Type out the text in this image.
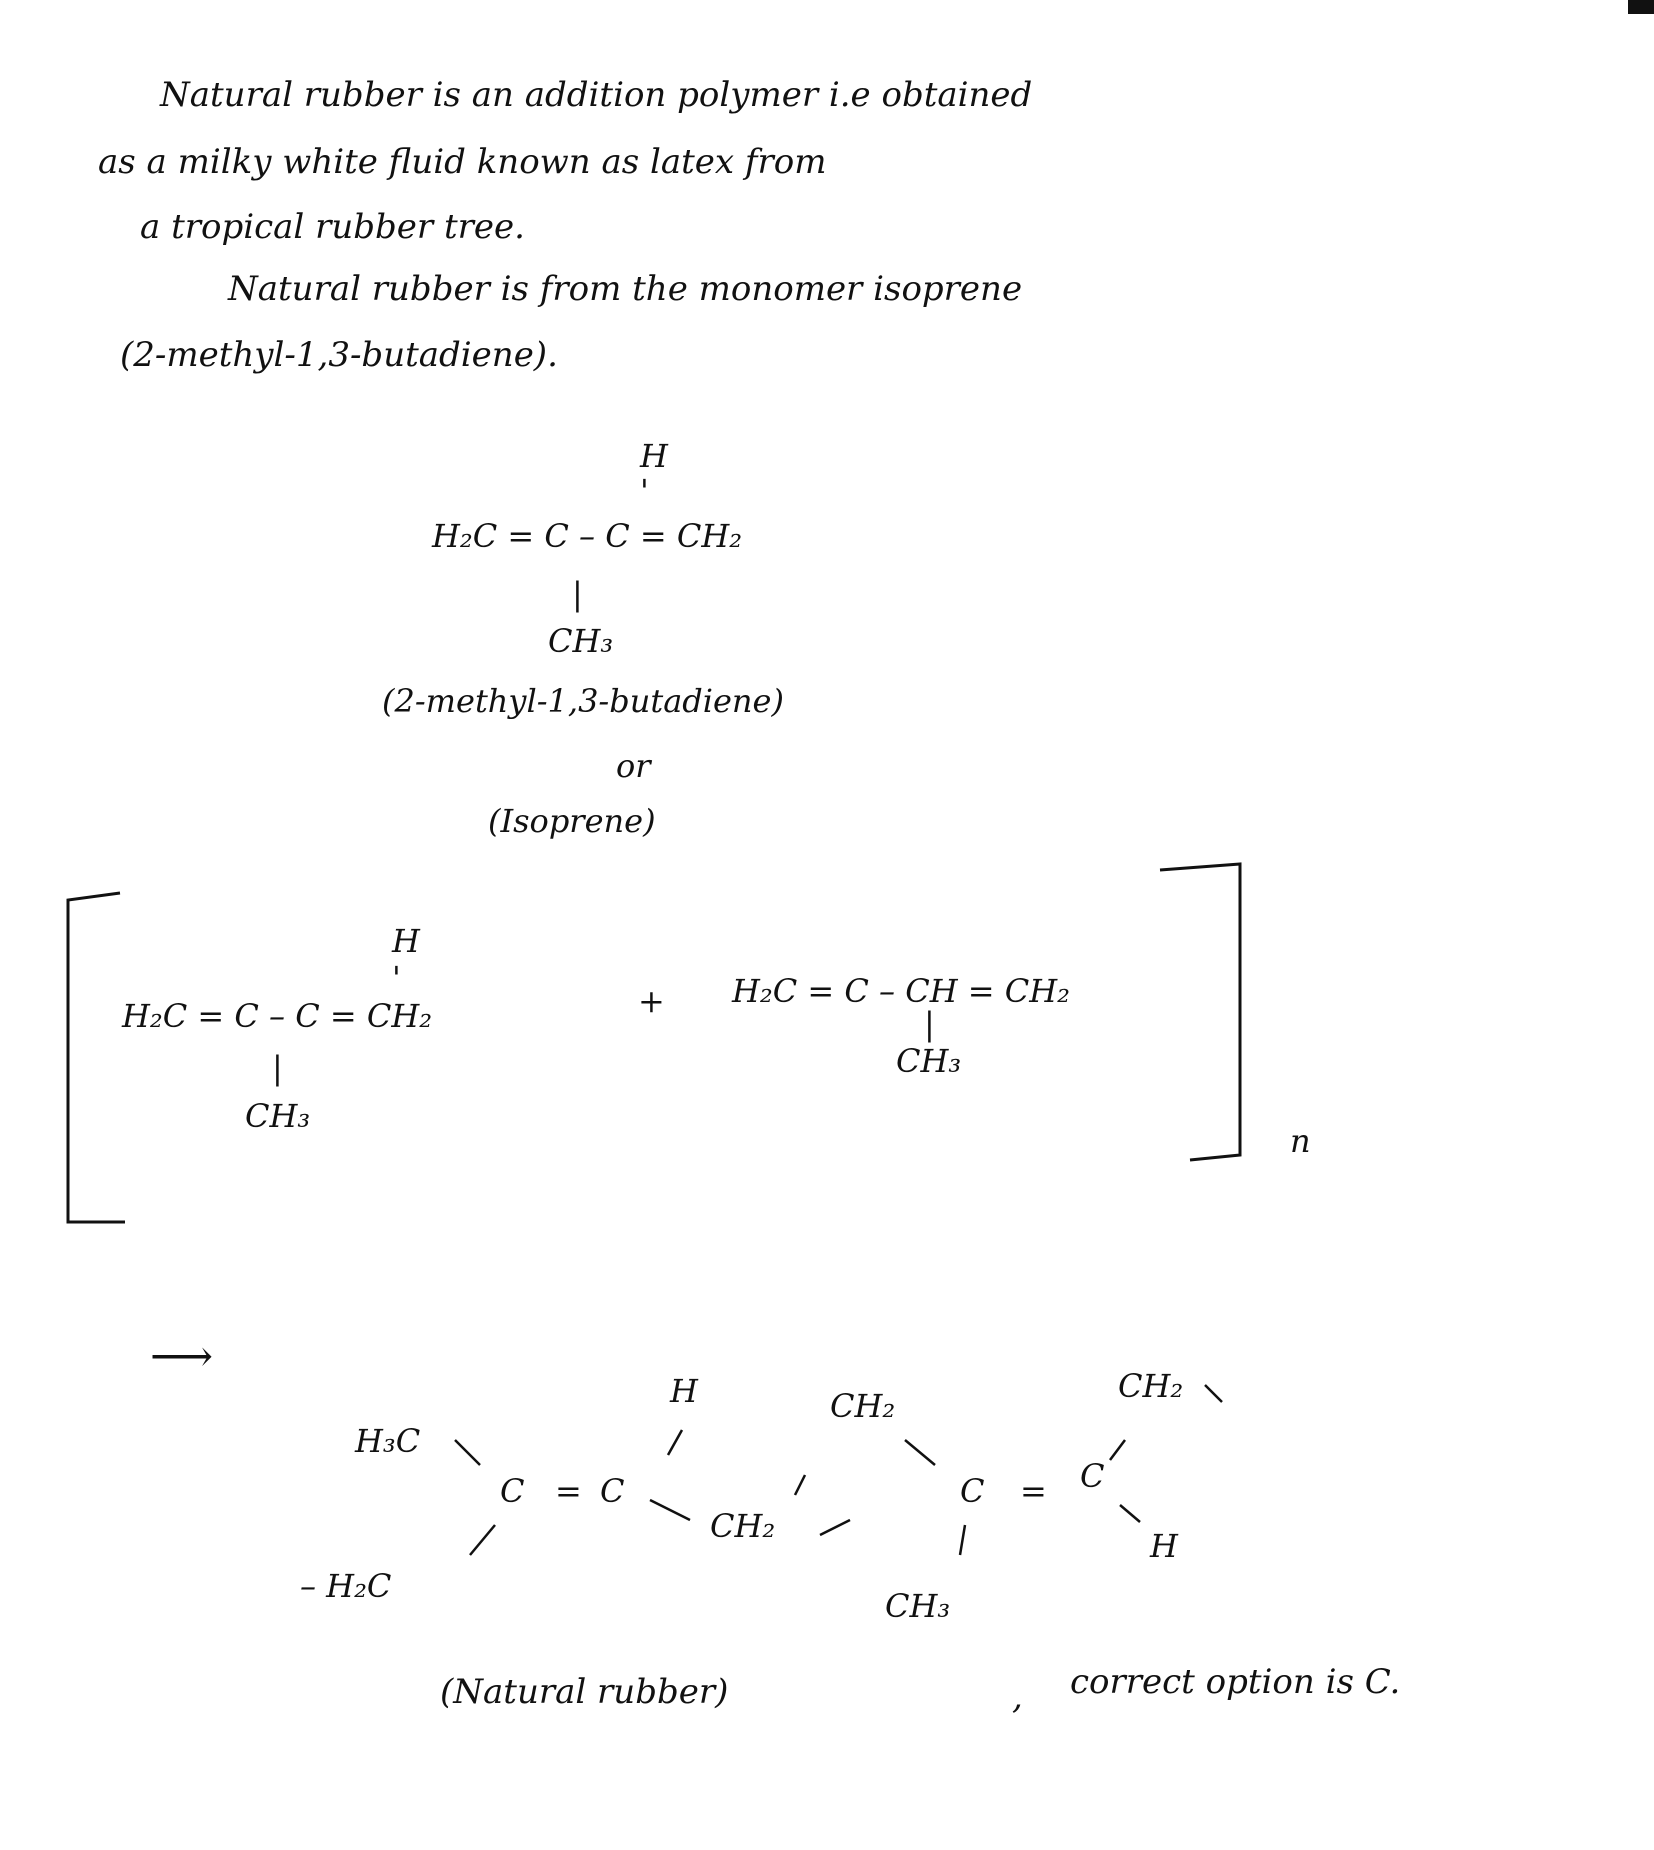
Natural rubber is an addition polymer i.e obtained
as a milky white fluid known as latex from
a tropical rubber tree.
Natural rubber is from the monomer isoprene
(2-methyl-1,3-butadiene).
H
'
H₂C = C – C = CH₂
|
CH₃
(2-methyl-1,3-butadiene)
or
(Isoprene)
H
'
H₂C = C – C = CH₂
|
CH₃
+ H₂C = C – CH = CH₂
|
CH₃
n
⟶
H	CH₂
CH₂
H₃C
C = C
CH₂
C = C
H
– H₂C
CH₃
(Natural rubber)	, correct option is C.
